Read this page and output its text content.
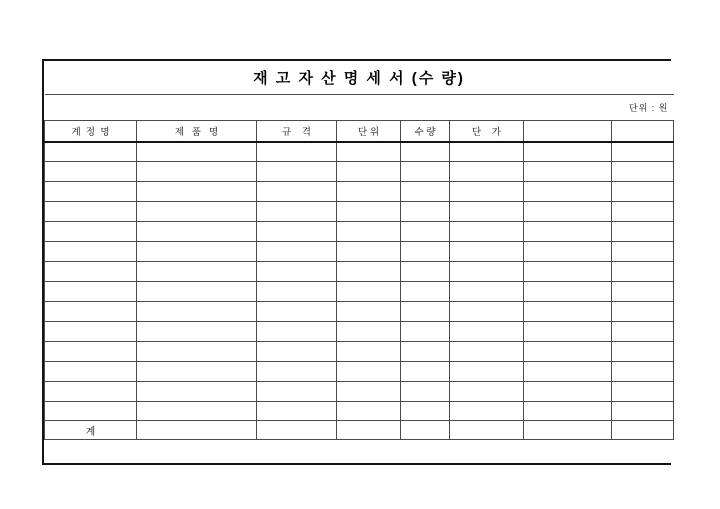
재 고 자 산 명 세 서 (수 량)							
단위 : 원							
계  정  명	제   품   명	규    격	단 위	수 량	단    가		

계							
